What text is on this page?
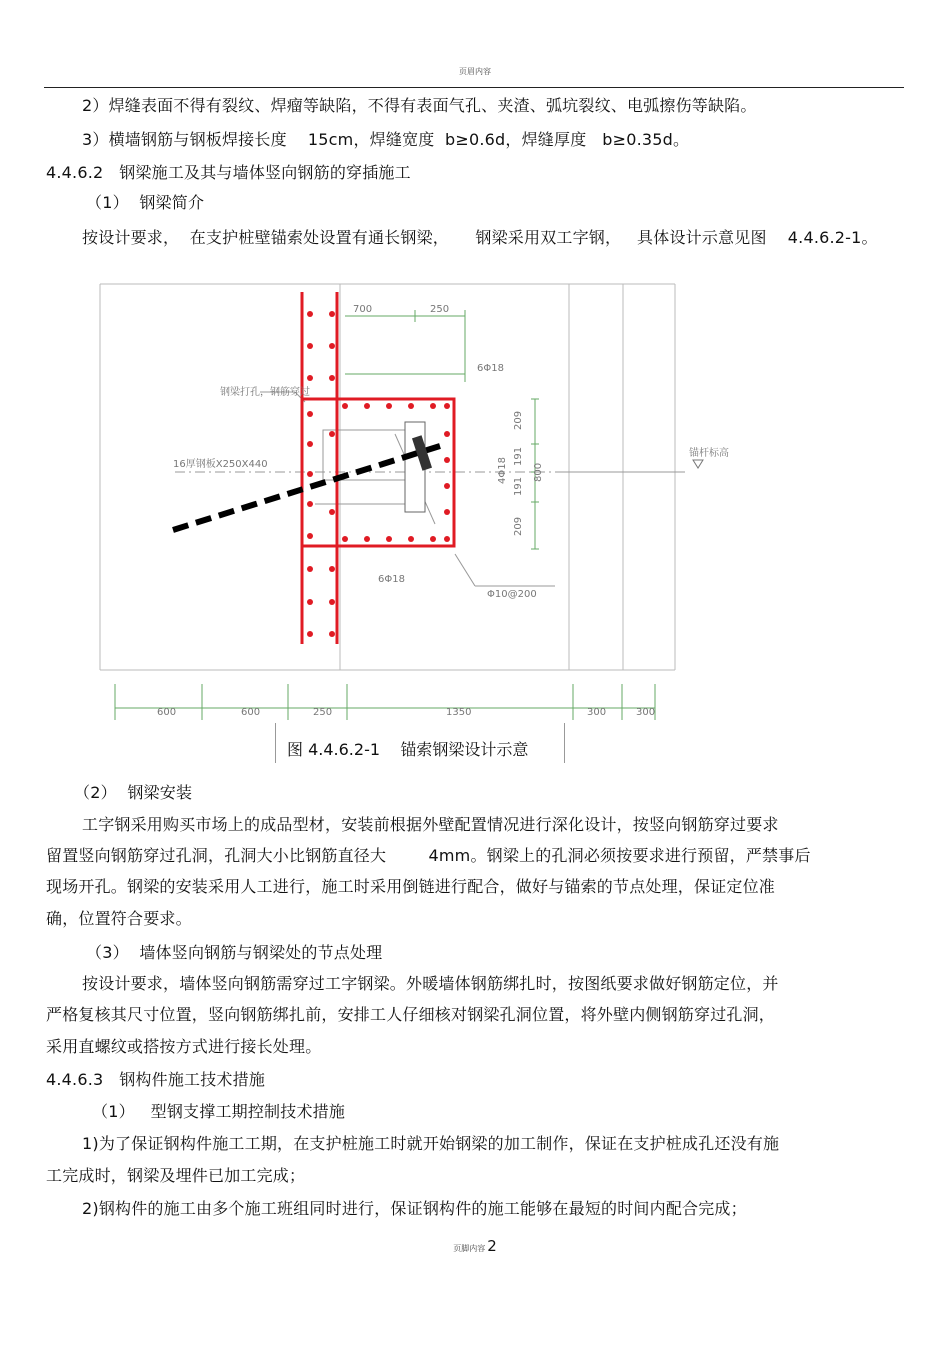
页眉内容
2）焊缝表面不得有裂纹、焊瘤等缺陷，不得有表面气孔、夹渣、弧坑裂纹、电弧擦伤等缺陷。
3）横墙钢筋与钢板焊接长度    15cm，焊缝宽度  b≥0.6d，焊缝厚度   b≥0.35d。
4.4.6.2   钢梁施工及其与墙体竖向钢筋的穿插施工
（1）  钢梁简介
按设计要求，  在支护桩壁锚索处设置有通长钢梁，     钢梁采用双工字钢，   具体设计示意见图    4.4.6.2-1。
700	250
6Φ18
钢梁打孔，钢筋穿过
16厚钢板X250X440	4Φ18
6Φ18
Φ10@200
锚杆标高
209
191
191
209
800
600	600	250	1350	300	300
图 4.4.6.2-1    锚索钢梁设计示意
（2）  钢梁安装
工字钢采用购买市场上的成品型材，安装前根据外壁配置情况进行深化设计，按竖向钢筋穿过要求
留置竖向钢筋穿过孔洞，孔洞大小比钢筋直径大        4mm。钢梁上的孔洞必须按要求进行预留，严禁事后
现场开孔。钢梁的安装采用人工进行，施工时采用倒链进行配合，做好与锚索的节点处理，保证定位准
确，位置符合要求。
（3）  墙体竖向钢筋与钢梁处的节点处理
按设计要求，墙体竖向钢筋需穿过工字钢梁。外暖墙体钢筋绑扎时，按图纸要求做好钢筋定位，并
严格复核其尺寸位置，竖向钢筋绑扎前，安排工人仔细核对钢梁孔洞位置，将外壁内侧钢筋穿过孔洞，
采用直螺纹或搭按方式进行接长处理。
4.4.6.3   钢构件施工技术措施
（1）   型钢支撑工期控制技术措施
1)为了保证钢构件施工工期，在支护桩施工时就开始钢梁的加工制作，保证在支护桩成孔还没有施
工完成时，钢梁及埋件已加工完成；
2)钢构件的施工由多个施工班组同时进行，保证钢构件的施工能够在最短的时间内配合完成；
页脚内容 2
